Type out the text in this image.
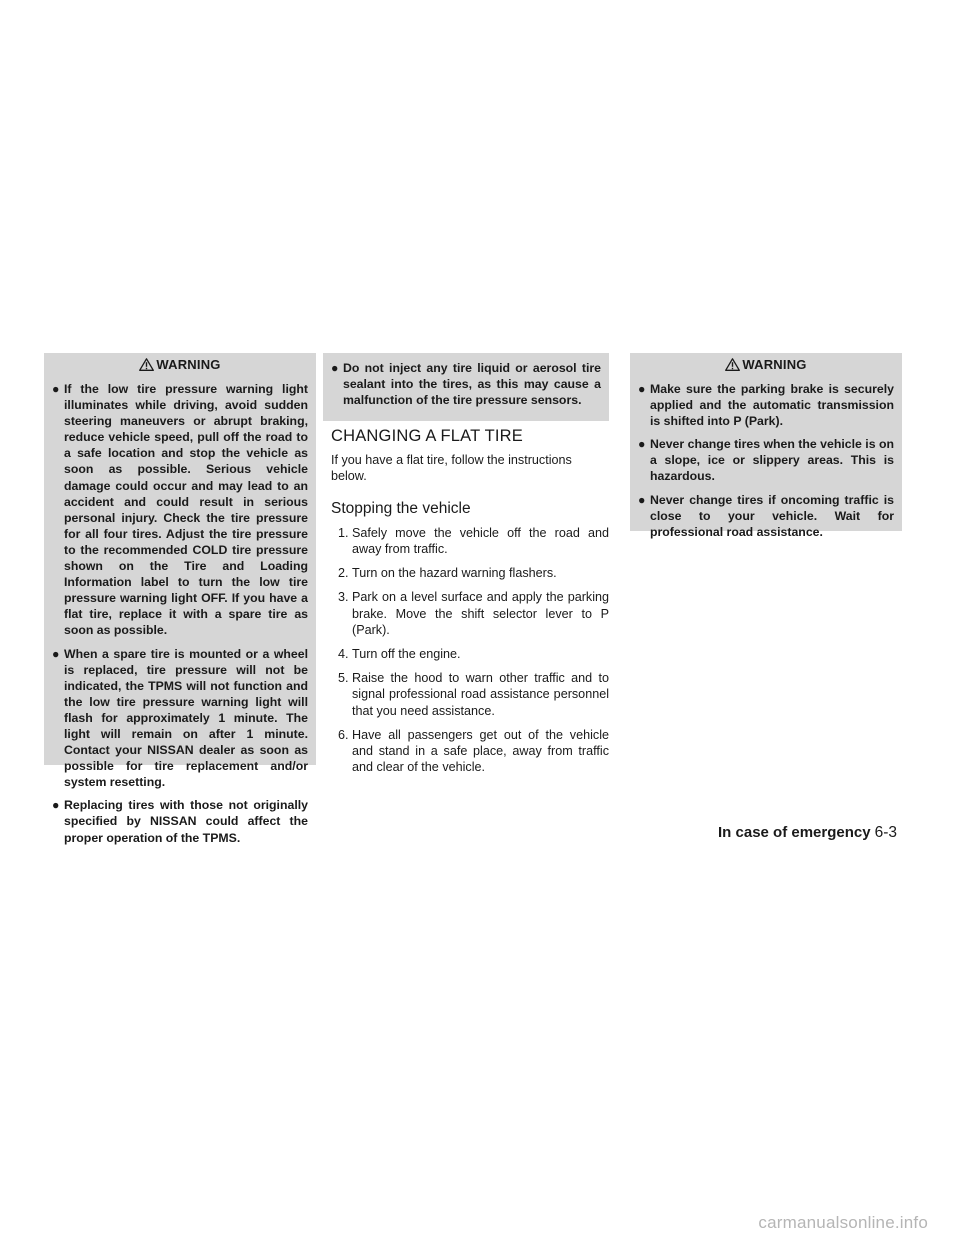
WARNING
● If the low tire pressure warning light illuminates while driving, avoid sudden steering maneuvers or abrupt braking, reduce vehicle speed, pull off the road to a safe location and stop the vehicle as soon as possible. Serious vehicle damage could occur and may lead to an accident and could result in serious personal injury. Check the tire pressure for all four tires. Adjust the tire pressure to the recommended COLD tire pressure shown on the Tire and Loading Information label to turn the low tire pressure warning light OFF. If you have a flat tire, replace it with a spare tire as soon as possible.
● When a spare tire is mounted or a wheel is replaced, tire pressure will not be indicated, the TPMS will not function and the low tire pressure warning light will flash for approximately 1 minute. The light will remain on after 1 minute. Contact your NISSAN dealer as soon as possible for tire replacement and/or system resetting.
● Replacing tires with those not originally specified by NISSAN could affect the proper operation of the TPMS.
● Do not inject any tire liquid or aerosol tire sealant into the tires, as this may cause a malfunction of the tire pressure sensors.
CHANGING A FLAT TIRE

If you have a flat tire, follow the instructions below.

Stopping the vehicle
1. Safely move the vehicle off the road and away from traffic.
2. Turn on the hazard warning flashers.
3. Park on a level surface and apply the parking brake. Move the shift selector lever to P (Park).
4. Turn off the engine.
5. Raise the hood to warn other traffic and to signal professional road assistance personnel that you need assistance.
6. Have all passengers get out of the vehicle and stand in a safe place, away from traffic and clear of the vehicle.
WARNING
● Make sure the parking brake is securely applied and the automatic transmission is shifted into P (Park).
● Never change tires when the vehicle is on a slope, ice or slippery areas. This is hazardous.
● Never change tires if oncoming traffic is close to your vehicle. Wait for professional road assistance.
In case of emergency 6-3
carmanualsonline.info
